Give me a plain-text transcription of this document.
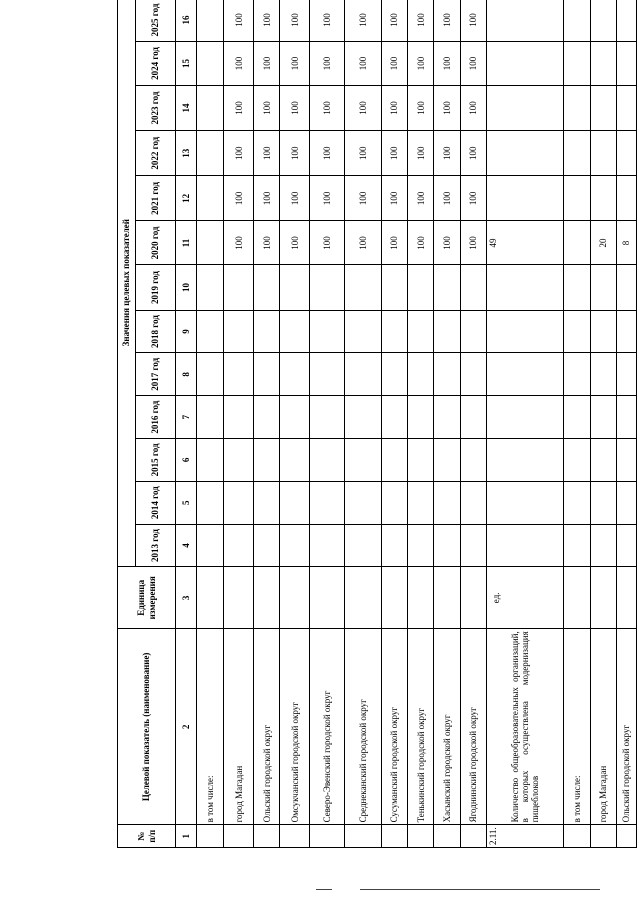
№ п/п	Целевой показатель (наименование)	Единица измерения	Значения целевых показателей												
			2013 год	2014 год	2015 год	2016 год	2017 год	2018 год	2019 год	2020 год	2021 год	2022 год	2023 год	2024 год	2025 год
1	2	3	4	5	6	7	8	9	10	11	12	13	14	15	16
	в том числе:														
	город Магадан									100	100	100	100	100	100
	Ольский городской округ									100	100	100	100	100	100
	Омсукчанский городской округ									100	100	100	100	100	100
	Северо-Эвенский городской округ									100	100	100	100	100	100
	Среднеканский городской округ									100	100	100	100	100	100
	Сусуманский городской округ									100	100	100	100	100	100
	Тенькинский городской округ									100	100	100	100	100	100
	Хасынский городской округ									100	100	100	100	100	100
	Ягоднинский городской округ									100	100	100	100	100	100
2.11.	Количество общеобразовательных организаций, в которых осуществлена модернизация пищеблоков	ед.								49					
	в том числе:														
	город Магадан									20					
	Ольский городской округ									8					
